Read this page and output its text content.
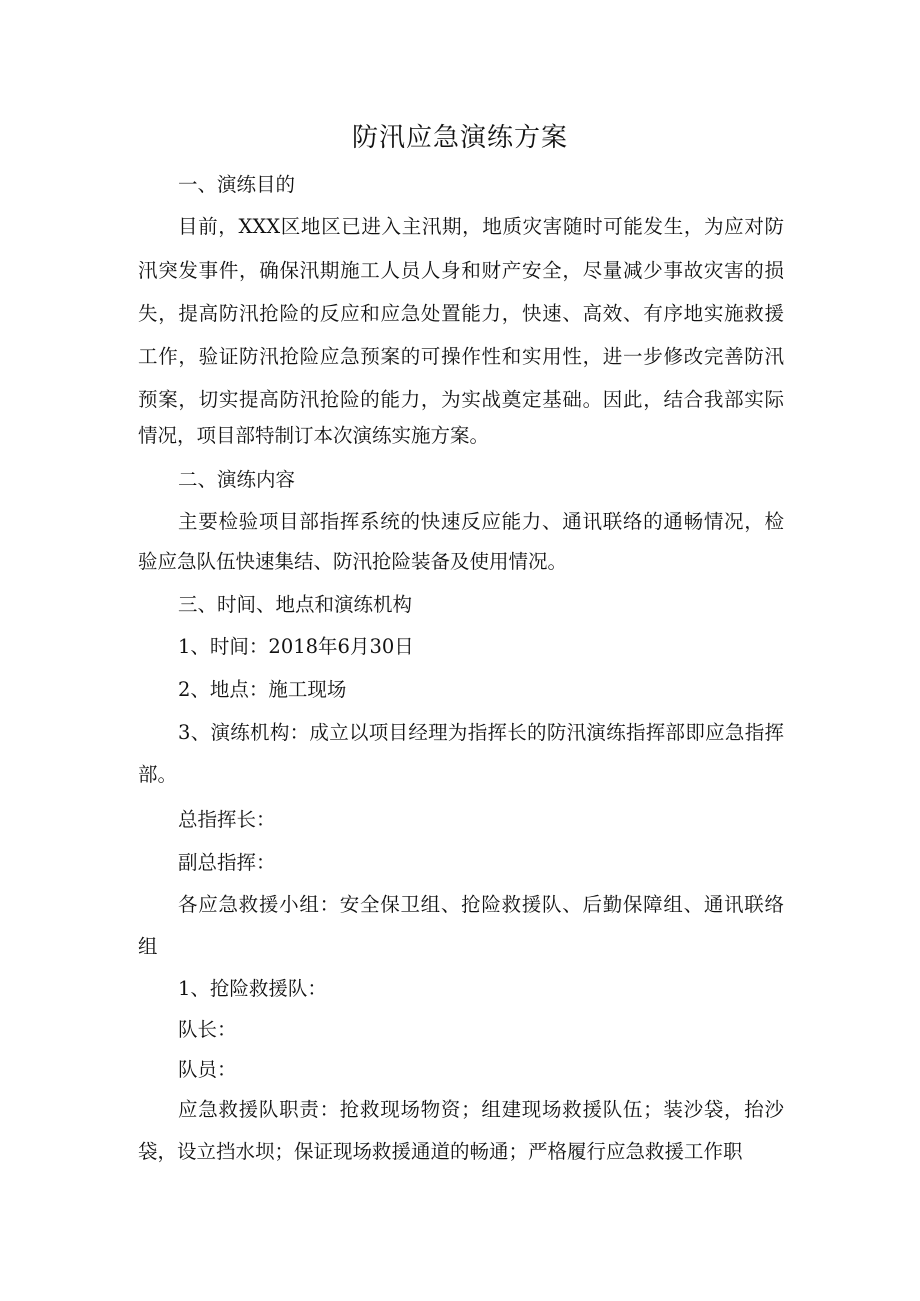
防汛应急演练方案
一、演练目的
目前，XXX区地区已进入主汛期，地质灾害随时可能发生，为应对防
汛突发事件，确保汛期施工人员人身和财产安全，尽量减少事故灾害的损
失，提高防汛抢险的反应和应急处置能力，快速、高效、有序地实施救援
工作，验证防汛抢险应急预案的可操作性和实用性，进一步修改完善防汛
预案，切实提高防汛抢险的能力，为实战奠定基础。因此，结合我部实际
情况，项目部特制订本次演练实施方案。
二、演练内容
主要检验项目部指挥系统的快速反应能力、通讯联络的通畅情况，检
验应急队伍快速集结、防汛抢险装备及使用情况。
三、时间、地点和演练机构
1、时间：2018年6月30日
2、地点：施工现场
3、演练机构：成立以项目经理为指挥长的防汛演练指挥部即应急指挥
部。
总指挥长：
副总指挥：
各应急救援小组：安全保卫组、抢险救援队、后勤保障组、通讯联络
组
1、抢险救援队：
队长：
队员：
应急救援队职责：抢救现场物资；组建现场救援队伍；装沙袋，抬沙
袋，设立挡水坝；保证现场救援通道的畅通；严格履行应急救援工作职
